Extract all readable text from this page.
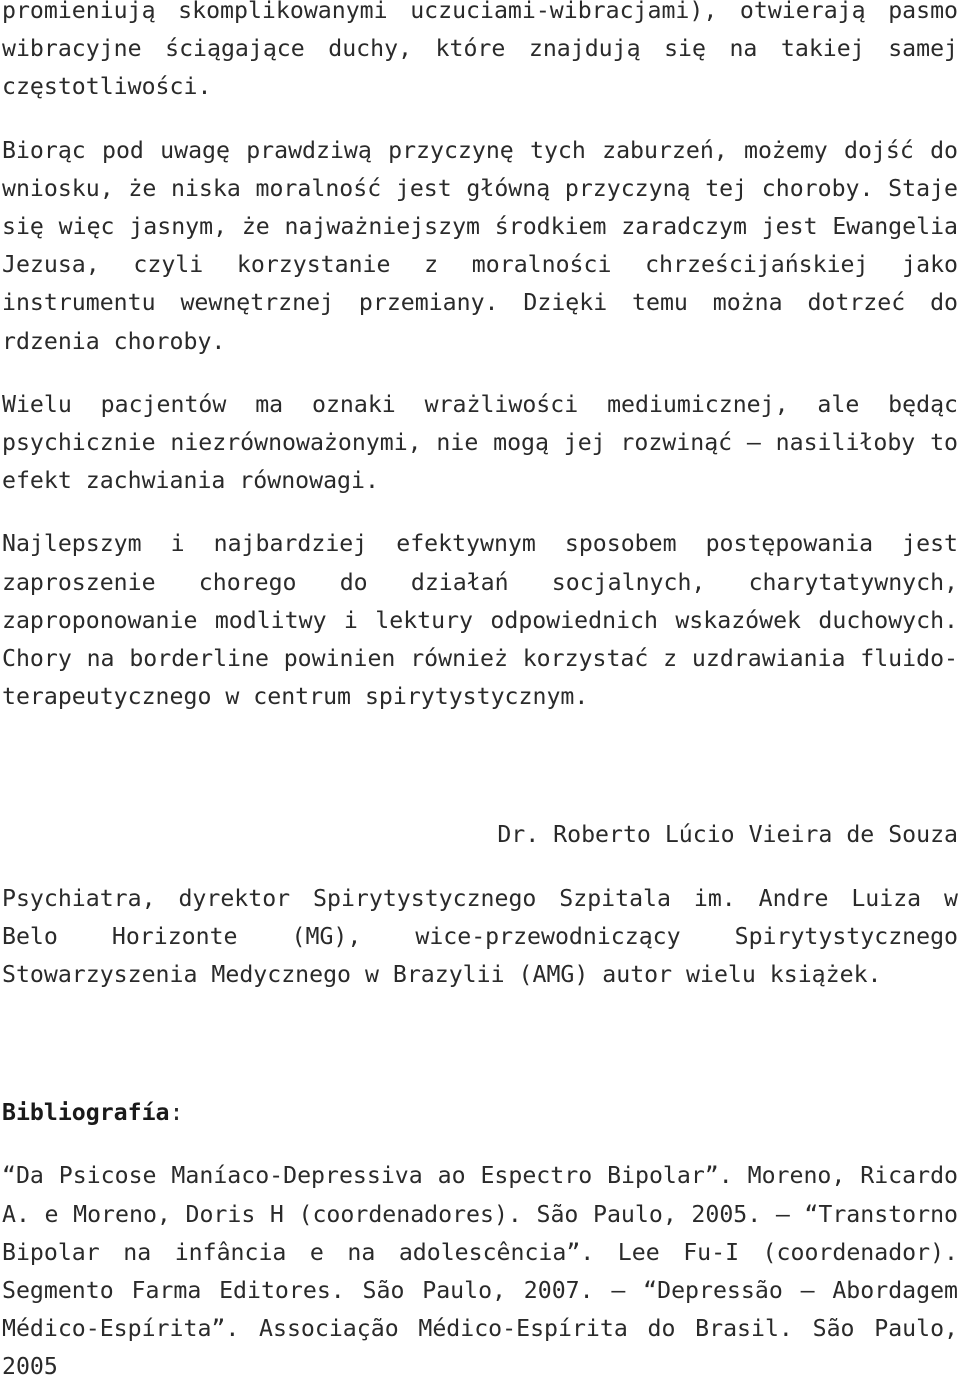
promieniują skomplikowanymi uczuciami-wibracjami), otwierają pasmo wibracyjne ściągające duchy, które znajdują się na takiej samej częstotliwości.

Biorąc pod uwagę prawdziwą przyczynę tych zaburzeń, możemy dojść do wniosku, że niska moralność jest główną przyczyną tej choroby. Staje się więc jasnym, że najważniejszym środkiem zaradczym jest Ewangelia Jezusa, czyli korzystanie z moralności chrześcijańskiej jako instrumentu wewnętrznej przemiany. Dzięki temu można dotrzeć do rdzenia choroby.

Wielu pacjentów ma oznaki wrażliwości mediumicznej, ale będąc psychicznie niezrównoważonymi, nie mogą jej rozwinąć – nasiliłoby to efekt zachwiania równowagi.

Najlepszym i najbardziej efektywnym sposobem postępowania jest zaproszenie chorego do działań socjalnych, charytatywnych, zaproponowanie modlitwy i lektury odpowiednich wskazówek duchowych. Chory na borderline powinien również korzystać z uzdrawiania fluido-terapeutycznego w centrum spirytystycznym.

Dr. Roberto Lúcio Vieira de Souza

Psychiatra, dyrektor Spirytystycznego Szpitala im. Andre Luiza w Belo Horizonte (MG), wice-przewodniczący Spirytystycznego Stowarzyszenia Medycznego w Brazylii (AMG) autor wielu książek.

Bibliografía:

“Da Psicose Maníaco-Depressiva ao Espectro Bipolar”. Moreno, Ricardo A. e Moreno, Doris H (coordenadores). São Paulo, 2005. – “Transtorno Bipolar na infância e na adolescência”. Lee Fu-I (coordenador). Segmento Farma Editores. São Paulo, 2007. – “Depressão – Abordagem Médico-Espírita”. Associação Médico-Espírita do Brasil. São Paulo, 2005
